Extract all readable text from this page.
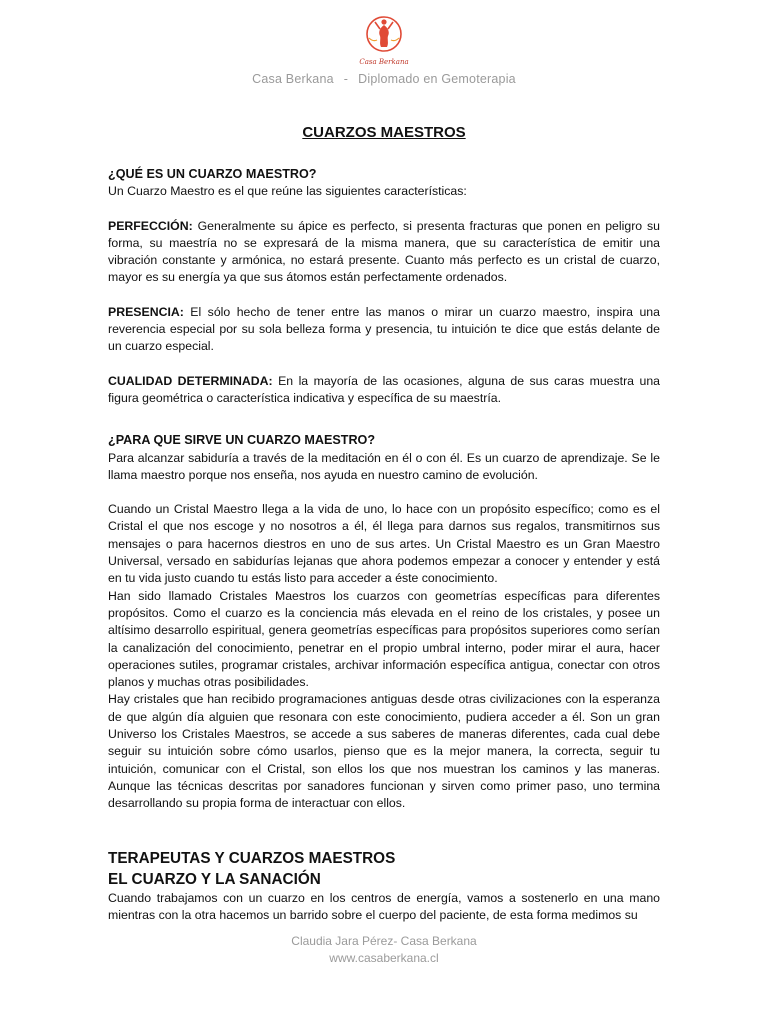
Casa Berkana
Casa Berkana - Diplomado en Gemoterapia
CUARZOS MAESTROS

¿QUÉ ES UN CUARZO MAESTRO?

Un Cuarzo Maestro es el que reúne las siguientes características:

PERFECCIÓN: Generalmente su ápice es perfecto, si presenta fracturas que ponen en peligro su forma, su maestría no se expresará de la misma manera, que su característica de emitir una vibración constante y armónica, no estará presente. Cuanto más perfecto es un cristal de cuarzo, mayor es su energía ya que sus átomos están perfectamente ordenados.

PRESENCIA: El sólo hecho de tener entre las manos o mirar un cuarzo maestro, inspira una reverencia especial por su sola belleza forma y presencia, tu intuición te dice que estás delante de un cuarzo especial.

CUALIDAD DETERMINADA: En la mayoría de las ocasiones, alguna de sus caras muestra una figura geométrica o característica indicativa y específica de su maestría.

¿PARA QUE SIRVE UN CUARZO MAESTRO?

Para alcanzar sabiduría a través de la meditación en él o con él. Es un cuarzo de aprendizaje. Se le llama maestro porque nos enseña, nos ayuda en nuestro camino de evolución.

Cuando un Cristal Maestro llega a la vida de uno, lo hace con un propósito específico; como es el Cristal el que nos escoge y no nosotros a él, él llega para darnos sus regalos, transmitirnos sus mensajes o para hacernos diestros en uno de sus artes. Un Cristal Maestro es un Gran Maestro Universal, versado en sabidurías lejanas que ahora podemos empezar a conocer y entender y está en tu vida justo cuando tu estás listo para acceder a éste conocimiento.

Han sido llamado Cristales Maestros los cuarzos con geometrías específicas para diferentes propósitos. Como el cuarzo es la conciencia más elevada en el reino de los cristales, y posee un altísimo desarrollo espiritual, genera geometrías específicas para propósitos superiores como serían la canalización del conocimiento, penetrar en el propio umbral interno, poder mirar el aura, hacer operaciones sutiles, programar cristales, archivar información específica antigua, conectar con otros planos y muchas otras posibilidades.

Hay cristales que han recibido programaciones antiguas desde otras civilizaciones con la esperanza de que algún día alguien que resonara con este conocimiento, pudiera acceder a él. Son un gran Universo los Cristales Maestros, se accede a sus saberes de maneras diferentes, cada cual debe seguir su intuición sobre cómo usarlos, pienso que es la mejor manera, la correcta, seguir tu intuición, comunicar con el Cristal, son ellos los que nos muestran los caminos y las maneras. Aunque las técnicas descritas por sanadores funcionan y sirven como primer paso, uno termina desarrollando su propia forma de interactuar con ellos.

TERAPEUTAS Y CUARZOS MAESTROS

EL CUARZO Y LA SANACIÓN

Cuando trabajamos con un cuarzo en los centros de energía, vamos a sostenerlo en una mano mientras con la otra hacemos un barrido sobre el cuerpo del paciente, de esta forma medimos su

Claudia Jara Pérez- Casa Berkana
www.casaberkana.cl
